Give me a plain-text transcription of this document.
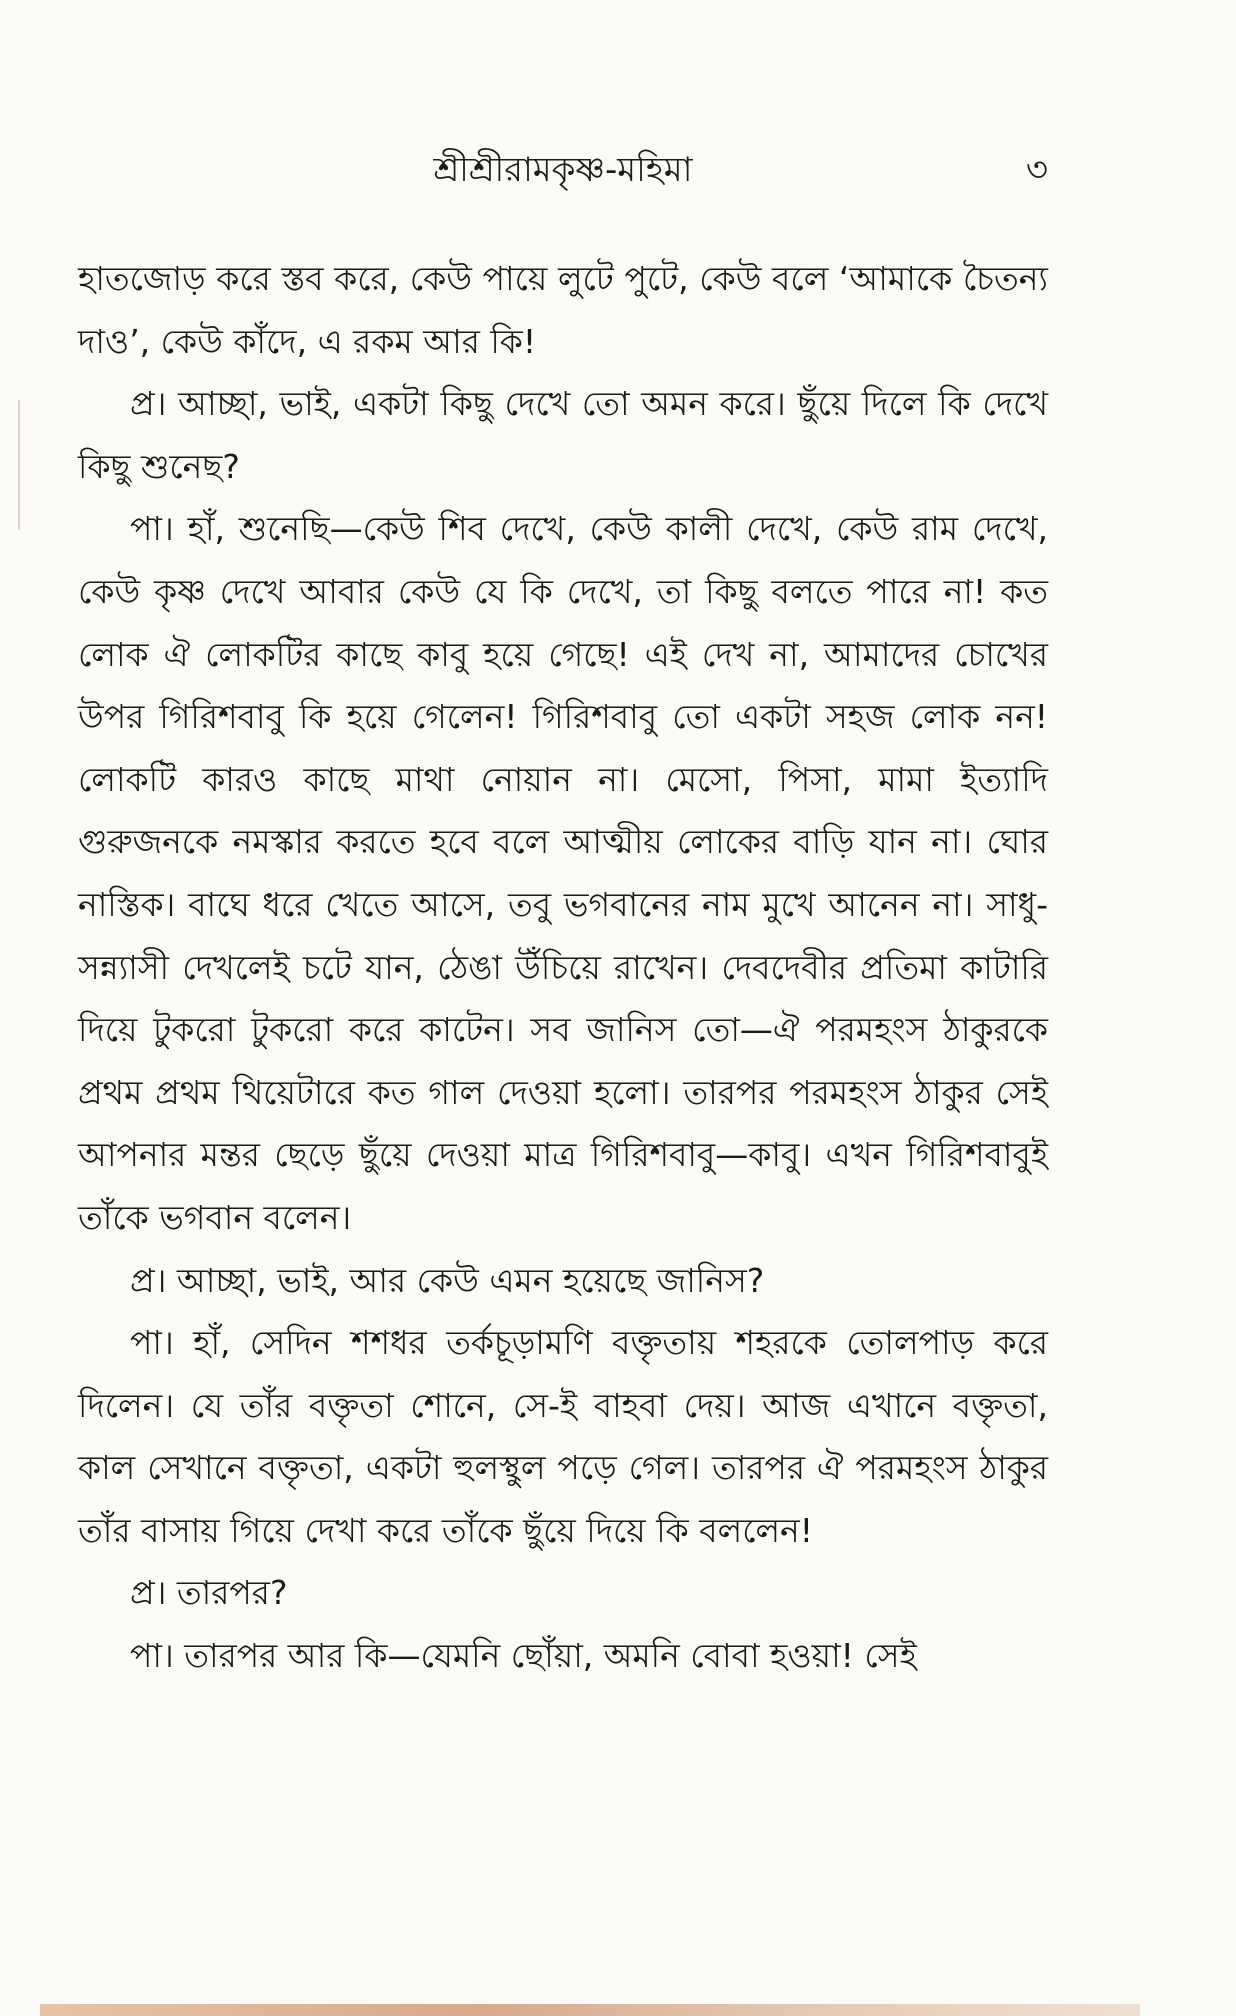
শ্রীশ্রীরামকৃষ্ণ-মহিমা	৩

হাতজোড় করে স্তব করে, কেউ পায়ে লুটে পুটে, কেউ বলে ‘আমাকে চৈতন্য দাও’, কেউ কাঁদে, এ রকম আর কি!

প্র। আচ্ছা, ভাই, একটা কিছু দেখে তো অমন করে। ছুঁয়ে দিলে কি দেখে কিছু শুনেছ?

পা। হাঁ, শুনেছি—কেউ শিব দেখে, কেউ কালী দেখে, কেউ রাম দেখে, কেউ কৃষ্ণ দেখে আবার কেউ যে কি দেখে, তা কিছু বলতে পারে না! কত লোক ঐ লোকটির কাছে কাবু হয়ে গেছে! এই দেখ না, আমাদের চোখের উপর গিরিশবাবু কি হয়ে গেলেন! গিরিশবাবু তো একটা সহজ লোক নন! লোকটি কারও কাছে মাথা নোয়ান না। মেসো, পিসা, মামা ইত্যাদি গুরুজনকে নমস্কার করতে হবে বলে আত্মীয় লোকের বাড়ি যান না। ঘোর নাস্তিক। বাঘে ধরে খেতে আসে, তবু ভগবানের নাম মুখে আনেন না। সাধু-সন্ন্যাসী দেখলেই চটে যান, ঠেঙা উঁচিয়ে রাখেন। দেবদেবীর প্রতিমা কাটারি দিয়ে টুকরো টুকরো করে কাটেন। সব জানিস তো—ঐ পরমহংস ঠাকুরকে প্রথম প্রথম থিয়েটারে কত গাল দেওয়া হলো। তারপর পরমহংস ঠাকুর সেই আপনার মন্তর ছেড়ে ছুঁয়ে দেওয়া মাত্র গিরিশবাবু—কাবু। এখন গিরিশবাবুই তাঁকে ভগবান বলেন।

প্র। আচ্ছা, ভাই, আর কেউ এমন হয়েছে জানিস?

পা। হাঁ, সেদিন শশধর তর্কচূড়ামণি বক্তৃতায় শহরকে তোলপাড় করে দিলেন। যে তাঁর বক্তৃতা শোনে, সে-ই বাহবা দেয়। আজ এখানে বক্তৃতা, কাল সেখানে বক্তৃতা, একটা হুলস্থুল পড়ে গেল। তারপর ঐ পরমহংস ঠাকুর তাঁর বাসায় গিয়ে দেখা করে তাঁকে ছুঁয়ে দিয়ে কি বললেন!

প্র। তারপর?

পা। তারপর আর কি—যেমনি ছোঁয়া, অমনি বোবা হওয়া! সেই
